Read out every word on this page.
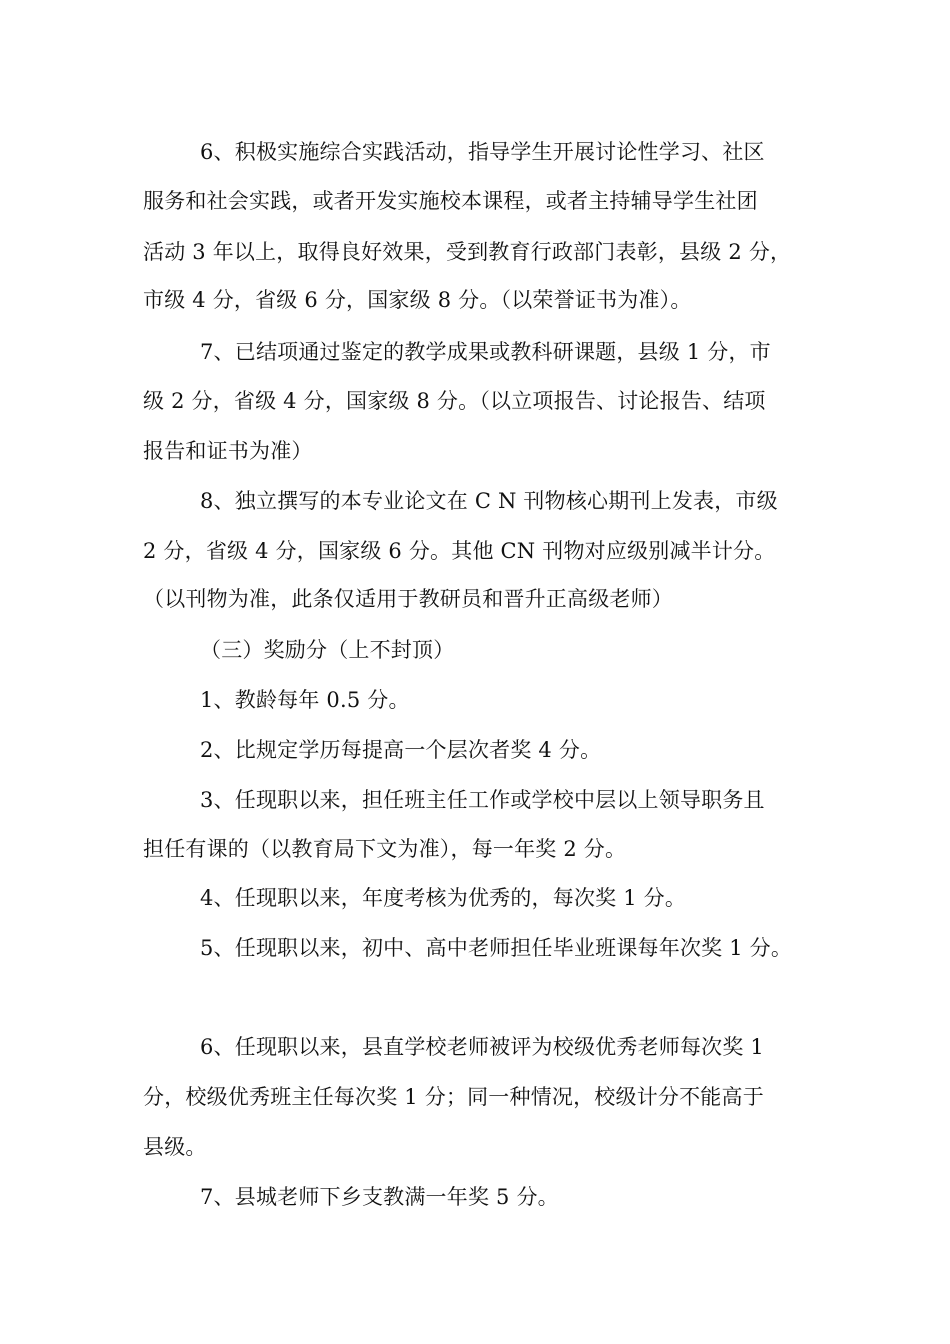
6、积极实施综合实践活动，指导学生开展讨论性学习、社区
服务和社会实践，或者开发实施校本课程，或者主持辅导学生社团
活动 3 年以上，取得良好效果，受到教育行政部门表彰，县级 2 分，
市级 4 分，省级 6 分，国家级 8 分。（以荣誉证书为准）。
7、已结项通过鉴定的教学成果或教科研课题，县级 1 分，市
级 2 分，省级 4 分，国家级 8 分。（以立项报告、讨论报告、结项
报告和证书为准）
8、独立撰写的本专业论文在 C N 刊物核心期刊上发表，市级
2 分，省级 4 分，国家级 6 分。其他 CN 刊物对应级别减半计分。
（以刊物为准，此条仅适用于教研员和晋升正高级老师）
（三）奖励分（上不封顶）
1、教龄每年 0.5 分。
2、比规定学历每提高一个层次者奖 4 分。
3、任现职以来，担任班主任工作或学校中层以上领导职务且
担任有课的（以教育局下文为准），每一年奖 2 分。
4、任现职以来，年度考核为优秀的，每次奖 1 分。
5、任现职以来，初中、高中老师担任毕业班课每年次奖 1 分。
6、任现职以来，县直学校老师被评为校级优秀老师每次奖 1
分，校级优秀班主任每次奖 1 分；同一种情况，校级计分不能高于
县级。
7、县城老师下乡支教满一年奖 5 分。
